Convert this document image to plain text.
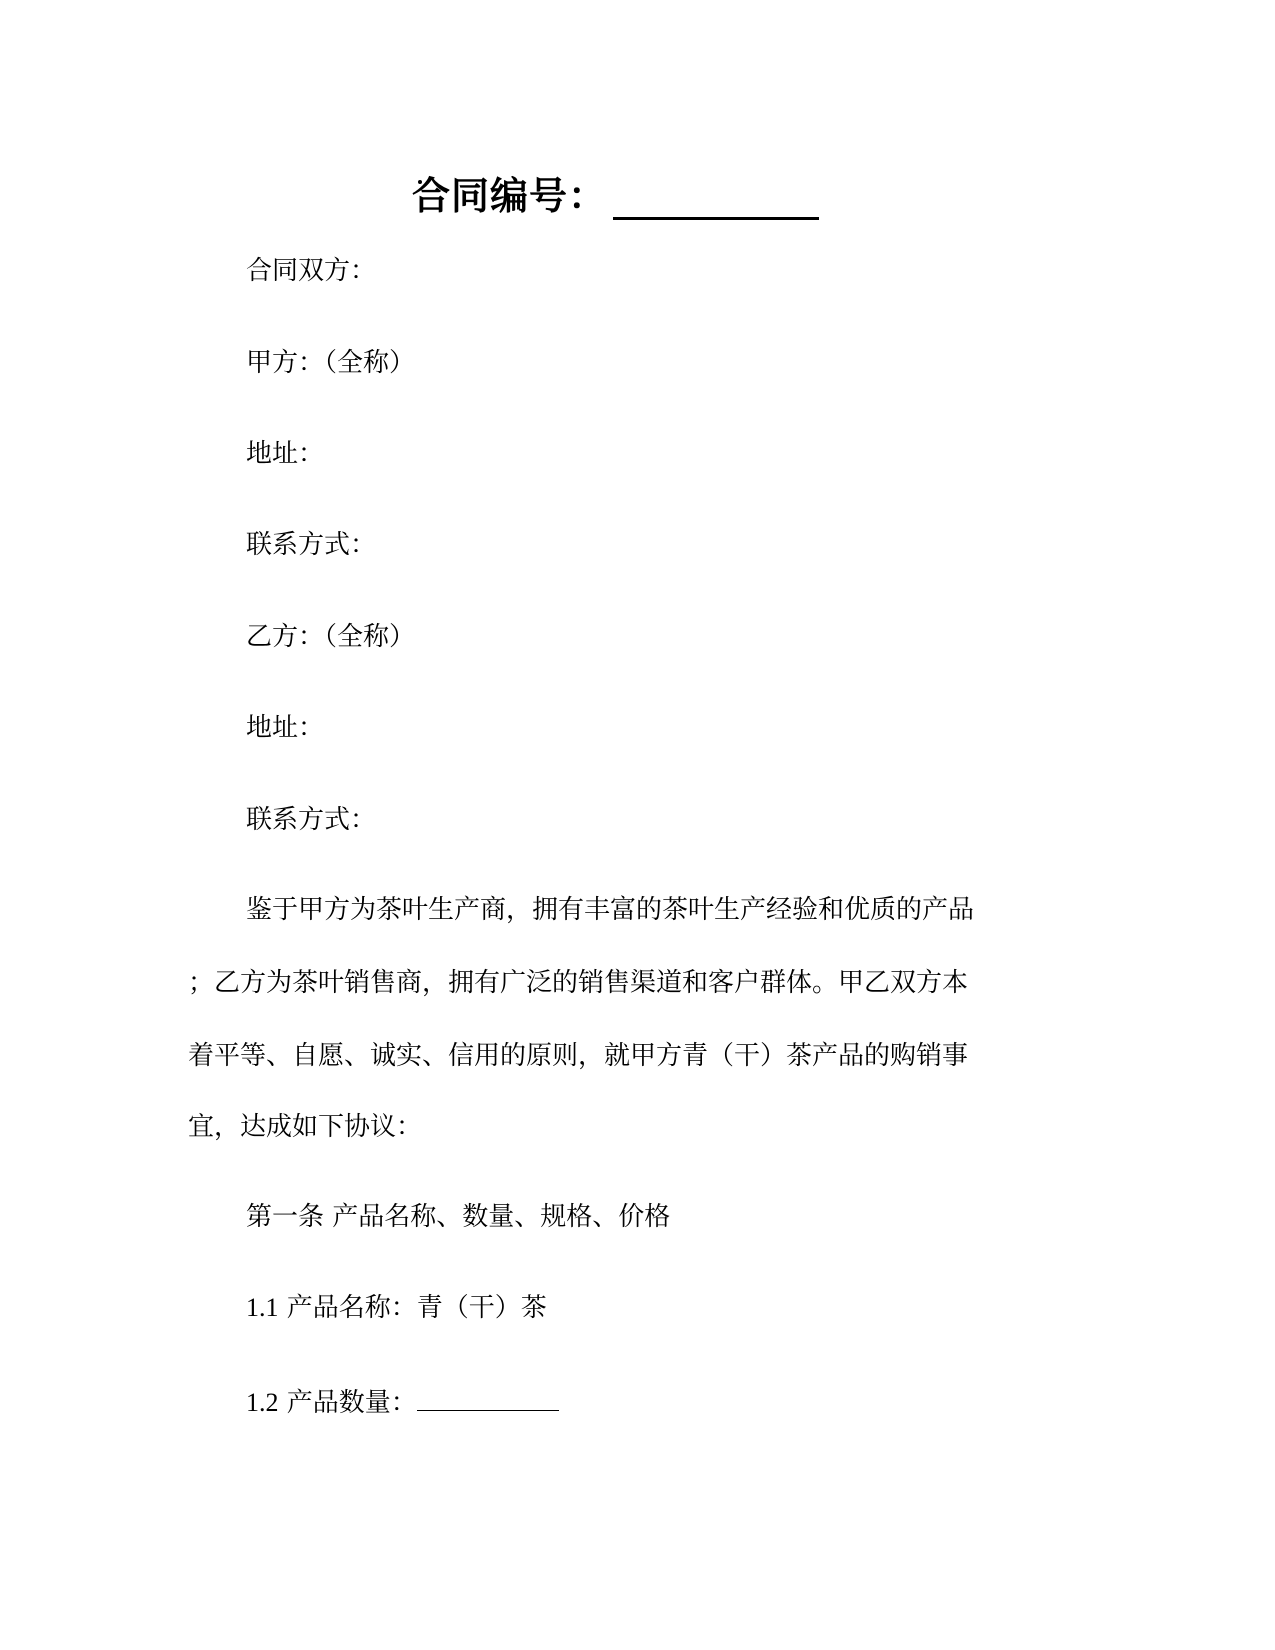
合同编号：
合同双方：
甲方：（全称）
地址：
联系方式：
乙方：（全称）
地址：
联系方式：
鉴于甲方为茶叶生产商，拥有丰富的茶叶生产经验和优质的产品
；乙方为茶叶销售商，拥有广泛的销售渠道和客户群体。甲乙双方本
着平等、自愿、诚实、信用的原则，就甲方青（干）茶产品的购销事
宜，达成如下协议：
第一条 产品名称、数量、规格、价格
1.1 产品名称：青（干）茶
1.2 产品数量：
